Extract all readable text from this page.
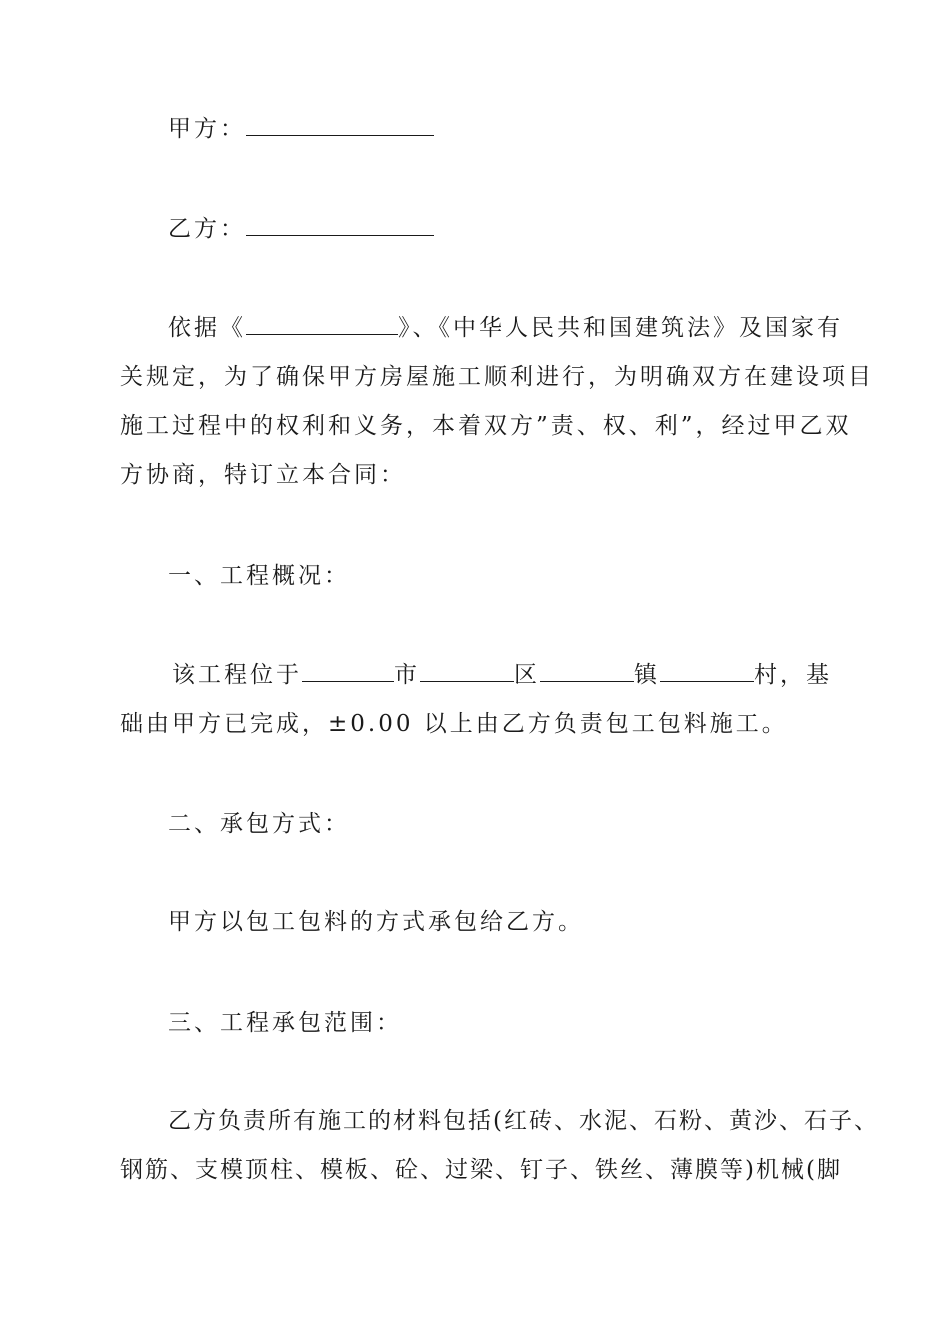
甲方：
乙方：
依据《	》、《中华人民共和国建筑法》及国家有
关规定，为了确保甲方房屋施工顺利进行，为明确双方在建设项目
施工过程中的权利和义务，本着双方”责、权、利”，经过甲乙双
方协商，特订立本合同：
一、工程概况：
该工程位于	市	区	镇	村，基
础由甲方已完成，±0.00 以上由乙方负责包工包料施工。
二、承包方式：
甲方以包工包料的方式承包给乙方。
三、工程承包范围：
乙方负责所有施工的材料包括(红砖、水泥、石粉、黄沙、石子、
钢筋、支模顶柱、模板、砼、过梁、钉子、铁丝、薄膜等)机械(脚
